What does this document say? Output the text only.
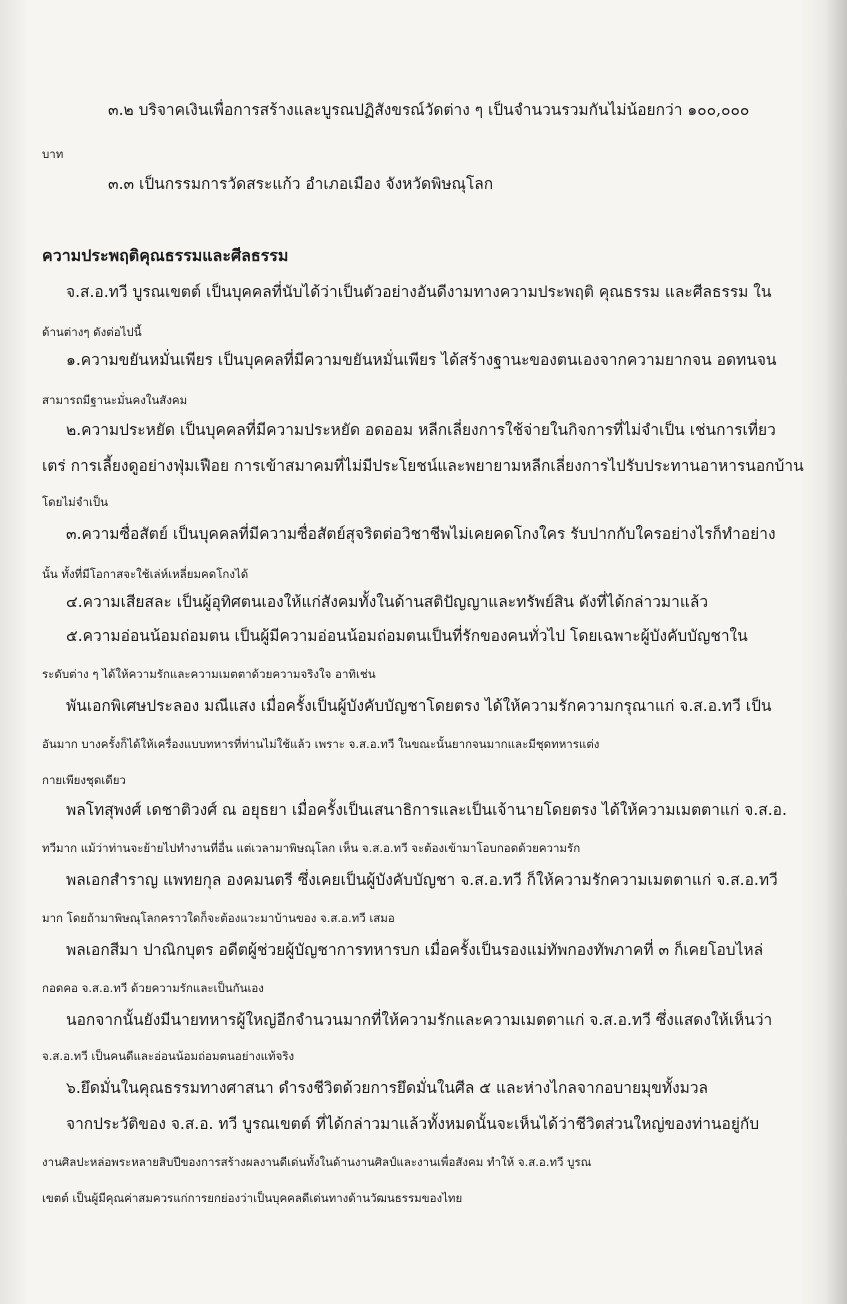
๓.๒ บริจาคเงินเพื่อการสร้างและบูรณปฏิสังขรณ์วัดต่าง ๆ เป็นจำนวนรวมกันไม่น้อยกว่า ๑๐๐,๐๐๐
บาท
๓.๓ เป็นกรรมการวัดสระแก้ว อำเภอเมือง จังหวัดพิษณุโลก
ความประพฤติคุณธรรมและศีลธรรม
จ.ส.อ.ทวี บูรณเขตต์ เป็นบุคคลที่นับได้ว่าเป็นตัวอย่างอันดีงามทางความประพฤติ คุณธรรม และศีลธรรม ใน
ด้านต่างๆ ดังต่อไปนี้
๑.ความขยันหมั่นเพียร เป็นบุคคลที่มีความขยันหมั่นเพียร ได้สร้างฐานะของตนเองจากความยากจน อดทนจน
สามารถมีฐานะมั่นคงในสังคม
๒.ความประหยัด เป็นบุคคลที่มีความประหยัด อดออม หลีกเลี่ยงการใช้จ่ายในกิจการที่ไม่จำเป็น เช่นการเที่ยว
เตร่ การเลี้ยงดูอย่างฟุ่มเฟือย การเข้าสมาคมที่ไม่มีประโยชน์และพยายามหลีกเลี่ยงการไปรับประทานอาหารนอกบ้าน
โดยไม่จำเป็น
๓.ความซื่อสัตย์ เป็นบุคคลที่มีความซื่อสัตย์สุจริตต่อวิชาชีพไม่เคยคดโกงใคร รับปากกับใครอย่างไรก็ทำอย่าง
นั้น ทั้งที่มีโอกาสจะใช้เล่ห์เหลี่ยมคดโกงได้
๔.ความเสียสละ เป็นผู้อุทิศตนเองให้แก่สังคมทั้งในด้านสติปัญญาและทรัพย์สิน ดังที่ได้กล่าวมาแล้ว
๕.ความอ่อนน้อมถ่อมตน เป็นผู้มีความอ่อนน้อมถ่อมตนเป็นที่รักของคนทั่วไป โดยเฉพาะผู้บังคับบัญชาใน
ระดับต่าง ๆ ได้ให้ความรักและความเมตตาด้วยความจริงใจ อาทิเช่น
พันเอกพิเศษประลอง มณีแสง เมื่อครั้งเป็นผู้บังคับบัญชาโดยตรง ได้ให้ความรักความกรุณาแก่ จ.ส.อ.ทวี เป็น
อันมาก บางครั้งก็ได้ให้เครื่องแบบทหารที่ท่านไม่ใช้แล้ว เพราะ จ.ส.อ.ทวี ในขณะนั้นยากจนมากและมีชุดทหารแต่ง
กายเพียงชุดเดียว
พลโทสุพงศ์ เดชาติวงศ์ ณ อยุธยา เมื่อครั้งเป็นเสนาธิการและเป็นเจ้านายโดยตรง ได้ให้ความเมตตาแก่ จ.ส.อ.
ทวีมาก แม้ว่าท่านจะย้ายไปทำงานที่อื่น แต่เวลามาพิษณุโลก เห็น จ.ส.อ.ทวี จะต้องเข้ามาโอบกอดด้วยความรัก
พลเอกสำราญ แพทยกุล องคมนตรี ซึ่งเคยเป็นผู้บังคับบัญชา จ.ส.อ.ทวี ก็ให้ความรักความเมตตาแก่ จ.ส.อ.ทวี
มาก โดยถ้ามาพิษณุโลกคราวใดก็จะต้องแวะมาบ้านของ จ.ส.อ.ทวี เสมอ
พลเอกสีมา ปาณิกบุตร อดีตผู้ช่วยผู้บัญชาการทหารบก เมื่อครั้งเป็นรองแม่ทัพกองทัพภาคที่ ๓ ก็เคยโอบไหล่
กอดคอ จ.ส.อ.ทวี ด้วยความรักและเป็นกันเอง
นอกจากนั้นยังมีนายทหารผู้ใหญ่อีกจำนวนมากที่ให้ความรักและความเมตตาแก่ จ.ส.อ.ทวี ซึ่งแสดงให้เห็นว่า
จ.ส.อ.ทวี เป็นคนดีและอ่อนน้อมถ่อมตนอย่างแท้จริง
๖.ยึดมั่นในคุณธรรมทางศาสนา ดำรงชีวิตด้วยการยึดมั่นในศีล ๕ และห่างไกลจากอบายมุขทั้งมวล
จากประวัติของ จ.ส.อ. ทวี บูรณเขตต์ ที่ได้กล่าวมาแล้วทั้งหมดนั้นจะเห็นได้ว่าชีวิตส่วนใหญ่ของท่านอยู่กับ
งานศิลปะหล่อพระหลายสิบปีของการสร้างผลงานดีเด่นทั้งในด้านงานศิลป์และงานเพื่อสังคม ทำให้ จ.ส.อ.ทวี บูรณ
เขตต์ เป็นผู้มีคุณค่าสมควรแก่การยกย่องว่าเป็นบุคคลดีเด่นทางด้านวัฒนธรรมของไทย
